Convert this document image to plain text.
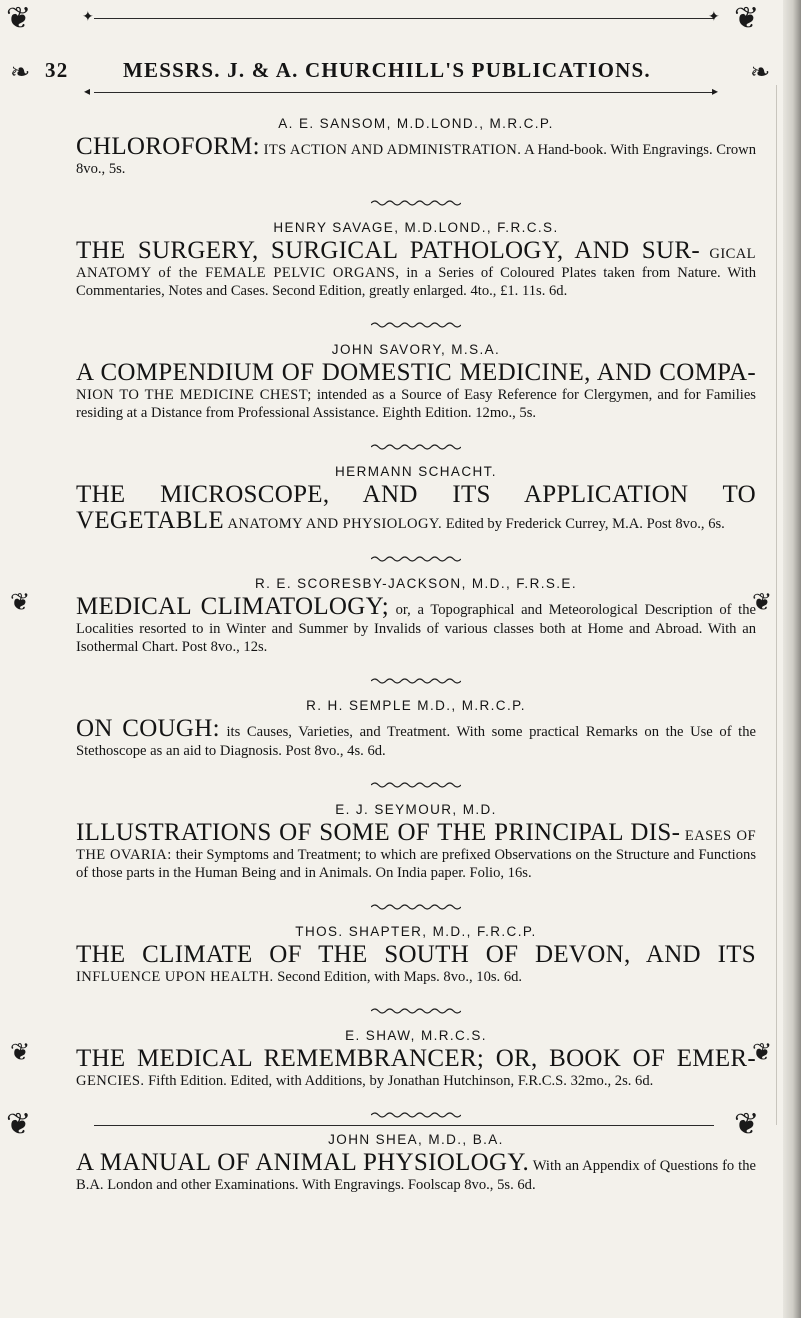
❦	❦
✦	✦
32	MESSRS. J. & A. CHURCHILL'S PUBLICATIONS.
◂	▸
❧	❧
❦	❦
❦	❦
A. E. SANSOM, M.D.LOND., M.R.C.P.

CHLOROFORM: ITS ACTION AND ADMINISTRATION. A Hand-book. With Engravings. Crown 8vo., 5s.

HENRY SAVAGE, M.D.LOND., F.R.C.S.

THE SURGERY, SURGICAL PATHOLOGY, AND SUR- GICAL ANATOMY of the FEMALE PELVIC ORGANS, in a Series of Coloured Plates taken from Nature. With Commentaries, Notes and Cases. Second Edition, greatly enlarged. 4to., £1. 11s. 6d.

JOHN SAVORY, M.S.A.

A COMPENDIUM OF DOMESTIC MEDICINE, AND COMPA- NION TO THE MEDICINE CHEST; intended as a Source of Easy Reference for Clergymen, and for Families residing at a Distance from Professional Assistance. Eighth Edition. 12mo., 5s.

HERMANN SCHACHT.

THE MICROSCOPE, AND ITS APPLICATION TO VEGETABLE ANATOMY AND PHYSIOLOGY. Edited by Frederick Currey, M.A. Post 8vo., 6s.

R. E. SCORESBY-JACKSON, M.D., F.R.S.E.

MEDICAL CLIMATOLOGY; or, a Topographical and Meteorological Description of the Localities resorted to in Winter and Summer by Invalids of various classes both at Home and Abroad. With an Isothermal Chart. Post 8vo., 12s.

R. H. SEMPLE M.D., M.R.C.P.

ON COUGH: its Causes, Varieties, and Treatment. With some practical Remarks on the Use of the Stethoscope as an aid to Diagnosis. Post 8vo., 4s. 6d.

E. J. SEYMOUR, M.D.

ILLUSTRATIONS OF SOME OF THE PRINCIPAL DIS- EASES OF THE OVARIA: their Symptoms and Treatment; to which are prefixed Observations on the Structure and Functions of those parts in the Human Being and in Animals. On India paper. Folio, 16s.

THOS. SHAPTER, M.D., F.R.C.P.

THE CLIMATE OF THE SOUTH OF DEVON, AND ITS INFLUENCE UPON HEALTH. Second Edition, with Maps. 8vo., 10s. 6d.

E. SHAW, M.R.C.S.

THE MEDICAL REMEMBRANCER; OR, BOOK OF EMER- GENCIES. Fifth Edition. Edited, with Additions, by Jonathan Hutchinson, F.R.C.S. 32mo., 2s. 6d.

JOHN SHEA, M.D., B.A.

A MANUAL OF ANIMAL PHYSIOLOGY. With an Appendix of Questions fo the B.A. London and other Examinations. With Engravings. Foolscap 8vo., 5s. 6d.

❦	❦
